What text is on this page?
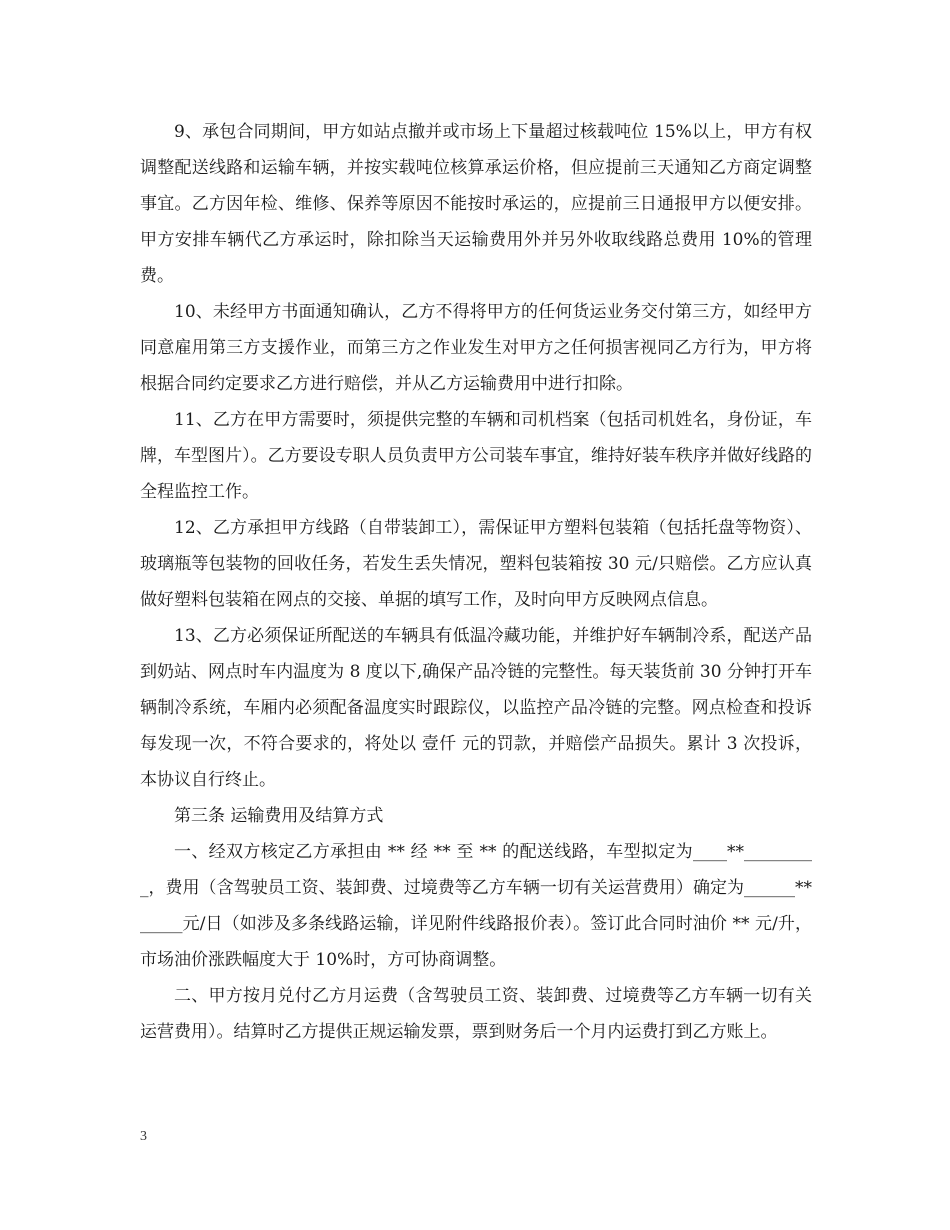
9、承包合同期间，甲方如站点撤并或市场上下量超过核载吨位 15%以上，甲方有权调整配送线路和运输车辆，并按实载吨位核算承运价格，但应提前三天通知乙方商定调整事宜。乙方因年检、维修、保养等原因不能按时承运的，应提前三日通报甲方以便安排。甲方安排车辆代乙方承运时，除扣除当天运输费用外并另外收取线路总费用 10%的管理费。

10、未经甲方书面通知确认，乙方不得将甲方的任何货运业务交付第三方，如经甲方同意雇用第三方支援作业，而第三方之作业发生对甲方之任何损害视同乙方行为，甲方将根据合同约定要求乙方进行赔偿，并从乙方运输费用中进行扣除。

11、乙方在甲方需要时，须提供完整的车辆和司机档案（包括司机姓名，身份证，车牌，车型图片）。乙方要设专职人员负责甲方公司装车事宜，维持好装车秩序并做好线路的全程监控工作。

12、乙方承担甲方线路（自带装卸工），需保证甲方塑料包装箱（包括托盘等物资）、玻璃瓶等包装物的回收任务，若发生丢失情况，塑料包装箱按 30 元/只赔偿。乙方应认真做好塑料包装箱在网点的交接、单据的填写工作，及时向甲方反映网点信息。

13、乙方必须保证所配送的车辆具有低温冷藏功能，并维护好车辆制冷系，配送产品到奶站、网点时车内温度为 8 度以下,确保产品冷链的完整性。每天装货前 30 分钟打开车辆制冷系统，车厢内必须配备温度实时跟踪仪，以监控产品冷链的完整。网点检查和投诉每发现一次，不符合要求的，将处以 壹仟 元的罚款，并赔偿产品损失。累计 3 次投诉，本协议自行终止。

第三条 运输费用及结算方式

一、经双方核定乙方承担由 ** 经 ** 至 ** 的配送线路，车型拟定为____**_________，费用（含驾驶员工资、装卸费、过境费等乙方车辆一切有关运营费用）确定为______**_____元/日（如涉及多条线路运输，详见附件线路报价表）。签订此合同时油价 ** 元/升，市场油价涨跌幅度大于 10%时，方可协商调整。

二、甲方按月兑付乙方月运费（含驾驶员工资、装卸费、过境费等乙方车辆一切有关运营费用）。结算时乙方提供正规运输发票，票到财务后一个月内运费打到乙方账上。

3
